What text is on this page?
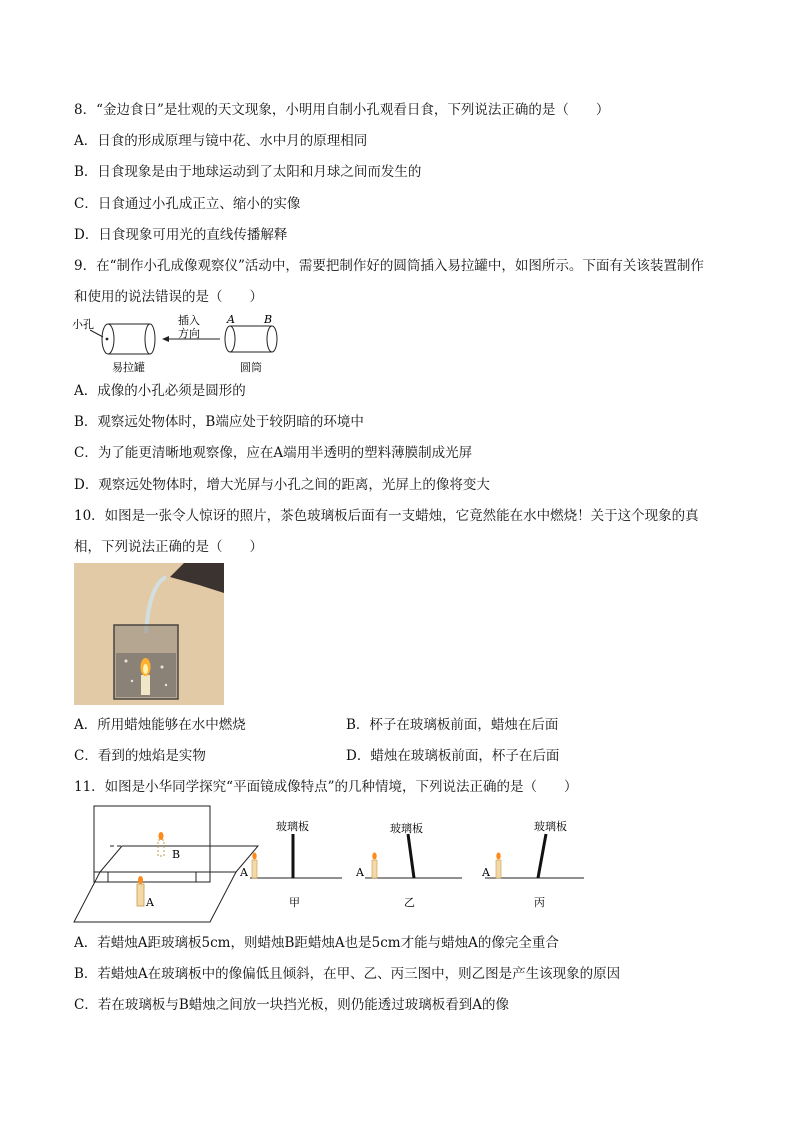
8．“金边食日”是壮观的天文现象，小明用自制小孔观看日食，下列说法正确的是（　　）
A．日食的形成原理与镜中花、水中月的原理相同
B．日食现象是由于地球运动到了太阳和月球之间而发生的
C．日食通过小孔成正立、缩小的实像
D．日食现象可用光的直线传播解释
9．在“制作小孔成像观察仪”活动中，需要把制作好的圆筒插入易拉罐中，如图所示。下面有关该装置制作
和使用的说法错误的是（　　）
小孔	插入
方向
A	B
易拉罐	圆筒
A．成像的小孔必须是圆形的
B．观察远处物体时，B端应处于较阴暗的环境中
C．为了能更清晰地观察像，应在A端用半透明的塑料薄膜制成光屏
D．观察远处物体时，增大光屏与小孔之间的距离，光屏上的像将变大
10．如图是一张令人惊讶的照片，茶色玻璃板后面有一支蜡烛，它竟然能在水中燃烧！关于这个现象的真
相，下列说法正确的是（　　）
A．所用蜡烛能够在水中燃烧	B．杯子在玻璃板前面，蜡烛在后面
C．看到的烛焰是实物	D．蜡烛在玻璃板前面，杯子在后面
11．如图是小华同学探究“平面镜成像特点”的几种情境，下列说法正确的是（　　）
B
A
玻璃板	玻璃板	玻璃板
A	A	A
甲	乙	丙
A．若蜡烛A距玻璃板5cm，则蜡烛B距蜡烛A也是5cm才能与蜡烛A的像完全重合
B．若蜡烛A在玻璃板中的像偏低且倾斜，在甲、乙、丙三图中，则乙图是产生该现象的原因
C．若在玻璃板与B蜡烛之间放一块挡光板，则仍能透过玻璃板看到A的像
